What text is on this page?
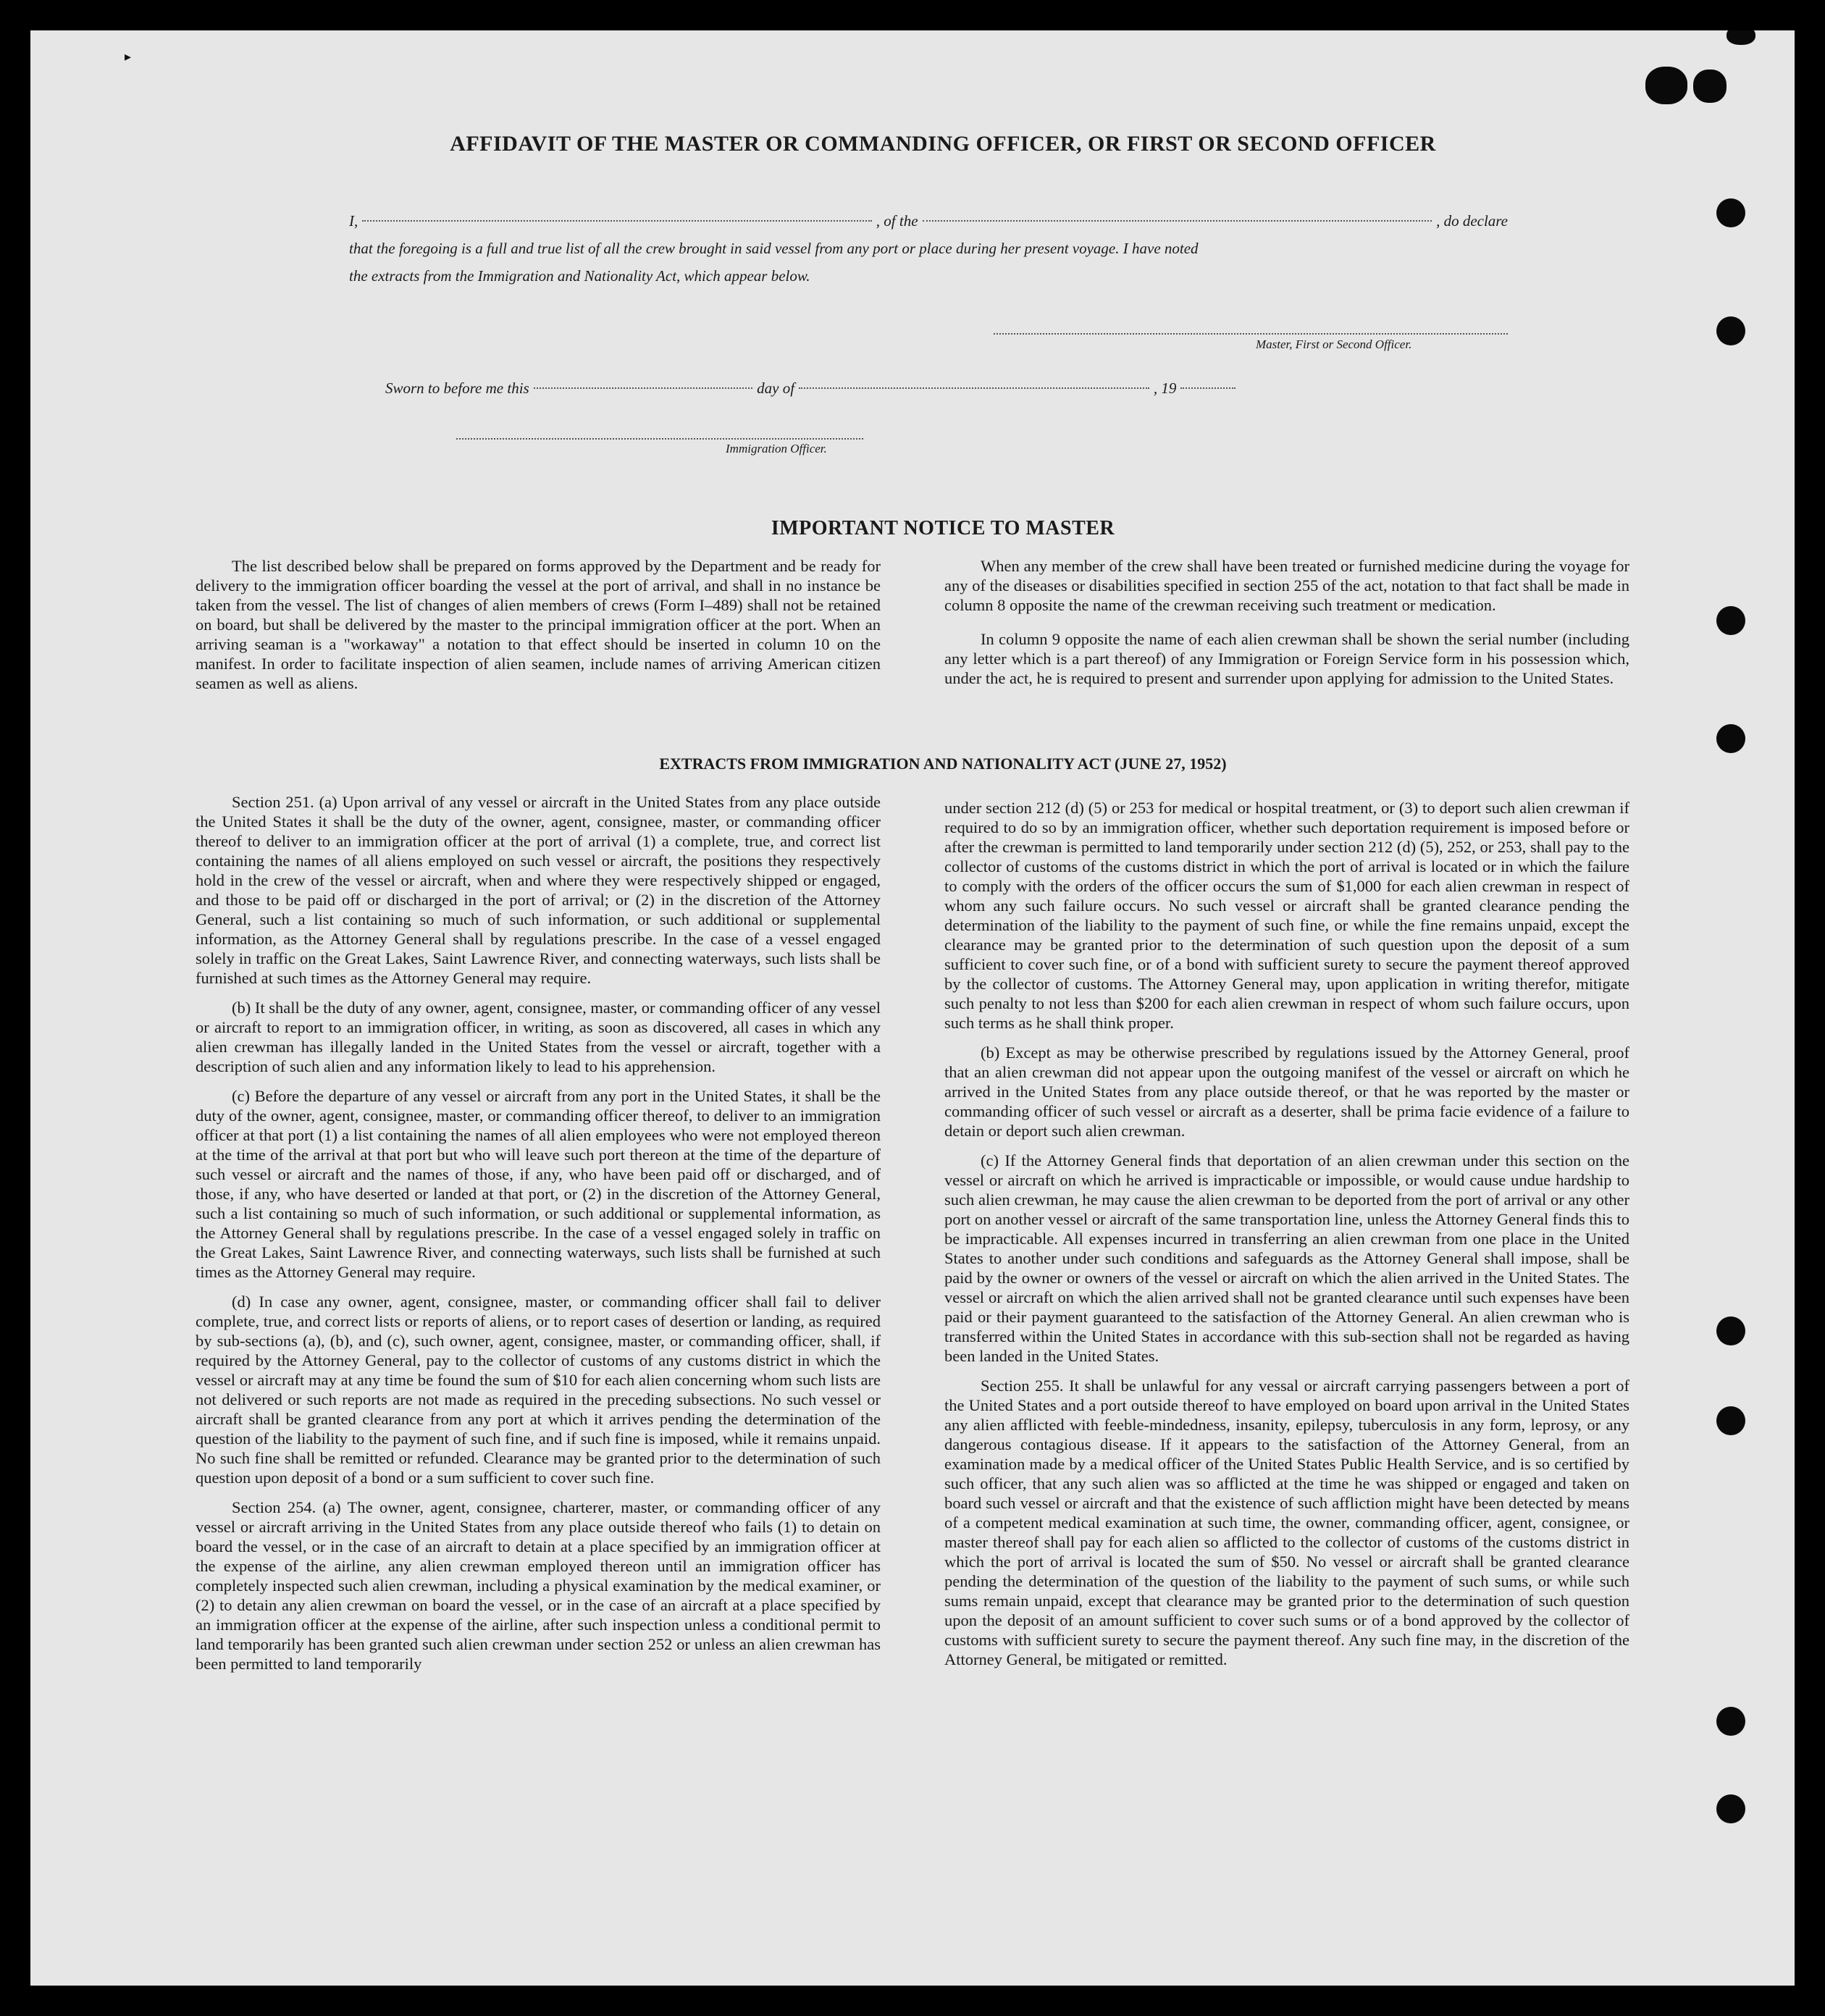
▸
AFFIDAVIT OF THE MASTER OR COMMANDING OFFICER, OR FIRST OR SECOND OFFICER
I,	, of the	, do declare
that the foregoing is a full and true list of all the crew brought in said vessel from any port or place during her present voyage. I have noted
the extracts from the Immigration and Nationality Act, which appear below.
Master, First or Second Officer.
Sworn to before me this	day of	, 19
Immigration Officer.
IMPORTANT NOTICE TO MASTER

The list described below shall be prepared on forms approved by the Department and be ready for delivery to the immigration officer boarding the vessel at the port of arrival, and shall in no instance be taken from the vessel. The list of changes of alien members of crews (Form I–489) shall not be retained on board, but shall be delivered by the master to the principal immigration officer at the port. When an arriving seaman is a "workaway" a notation to that effect should be inserted in column 10 on the manifest. In order to facilitate inspection of alien seamen, include names of arriving American citizen seamen as well as aliens.

When any member of the crew shall have been treated or furnished medicine during the voyage for any of the diseases or disabilities specified in section 255 of the act, notation to that fact shall be made in column 8 opposite the name of the crewman receiving such treatment or medication.

In column 9 opposite the name of each alien crewman shall be shown the serial number (including any letter which is a part thereof) of any Immigration or Foreign Service form in his possession which, under the act, he is required to present and surrender upon applying for admission to the United States.

EXTRACTS FROM IMMIGRATION AND NATIONALITY ACT (JUNE 27, 1952)

Section 251. (a) Upon arrival of any vessel or aircraft in the United States from any place outside the United States it shall be the duty of the owner, agent, consignee, master, or commanding officer thereof to deliver to an immigration officer at the port of arrival (1) a complete, true, and correct list containing the names of all aliens employed on such vessel or aircraft, the positions they respectively hold in the crew of the vessel or aircraft, when and where they were respectively shipped or engaged, and those to be paid off or discharged in the port of arrival; or (2) in the discretion of the Attorney General, such a list containing so much of such information, or such additional or supplemental information, as the Attorney General shall by regulations prescribe. In the case of a vessel engaged solely in traffic on the Great Lakes, Saint Lawrence River, and connecting waterways, such lists shall be furnished at such times as the Attorney General may require.

(b) It shall be the duty of any owner, agent, consignee, master, or commanding officer of any vessel or aircraft to report to an immigration officer, in writing, as soon as discovered, all cases in which any alien crewman has illegally landed in the United States from the vessel or aircraft, together with a description of such alien and any information likely to lead to his apprehension.

(c) Before the departure of any vessel or aircraft from any port in the United States, it shall be the duty of the owner, agent, consignee, master, or commanding officer thereof, to deliver to an immigration officer at that port (1) a list containing the names of all alien employees who were not employed thereon at the time of the arrival at that port but who will leave such port thereon at the time of the departure of such vessel or aircraft and the names of those, if any, who have been paid off or discharged, and of those, if any, who have deserted or landed at that port, or (2) in the discretion of the Attorney General, such a list containing so much of such information, or such additional or supplemental information, as the Attorney General shall by regulations prescribe. In the case of a vessel engaged solely in traffic on the Great Lakes, Saint Lawrence River, and connecting waterways, such lists shall be furnished at such times as the Attorney General may require.

(d) In case any owner, agent, consignee, master, or commanding officer shall fail to deliver complete, true, and correct lists or reports of aliens, or to report cases of desertion or landing, as required by sub-sections (a), (b), and (c), such owner, agent, consignee, master, or commanding officer, shall, if required by the Attorney General, pay to the collector of customs of any customs district in which the vessel or aircraft may at any time be found the sum of $10 for each alien concerning whom such lists are not delivered or such reports are not made as required in the preceding subsections. No such vessel or aircraft shall be granted clearance from any port at which it arrives pending the determination of the question of the liability to the payment of such fine, and if such fine is imposed, while it remains unpaid. No such fine shall be remitted or refunded. Clearance may be granted prior to the determination of such question upon deposit of a bond or a sum sufficient to cover such fine.

Section 254. (a) The owner, agent, consignee, charterer, master, or commanding officer of any vessel or aircraft arriving in the United States from any place outside thereof who fails (1) to detain on board the vessel, or in the case of an aircraft to detain at a place specified by an immigration officer at the expense of the airline, any alien crewman employed thereon until an immigration officer has completely inspected such alien crewman, including a physical examination by the medical examiner, or (2) to detain any alien crewman on board the vessel, or in the case of an aircraft at a place specified by an immigration officer at the expense of the airline, after such inspection unless a conditional permit to land temporarily has been granted such alien crewman under section 252 or unless an alien crewman has been permitted to land temporarily

under section 212 (d) (5) or 253 for medical or hospital treatment, or (3) to deport such alien crewman if required to do so by an immigration officer, whether such deportation requirement is imposed before or after the crewman is permitted to land temporarily under section 212 (d) (5), 252, or 253, shall pay to the collector of customs of the customs district in which the port of arrival is located or in which the failure to comply with the orders of the officer occurs the sum of $1,000 for each alien crewman in respect of whom any such failure occurs. No such vessel or aircraft shall be granted clearance pending the determination of the liability to the payment of such fine, or while the fine remains unpaid, except the clearance may be granted prior to the determination of such question upon the deposit of a sum sufficient to cover such fine, or of a bond with sufficient surety to secure the payment thereof approved by the collector of customs. The Attorney General may, upon application in writing therefor, mitigate such penalty to not less than $200 for each alien crewman in respect of whom such failure occurs, upon such terms as he shall think proper.

(b) Except as may be otherwise prescribed by regulations issued by the Attorney General, proof that an alien crewman did not appear upon the outgoing manifest of the vessel or aircraft on which he arrived in the United States from any place outside thereof, or that he was reported by the master or commanding officer of such vessel or aircraft as a deserter, shall be prima facie evidence of a failure to detain or deport such alien crewman.

(c) If the Attorney General finds that deportation of an alien crewman under this section on the vessel or aircraft on which he arrived is impracticable or impossible, or would cause undue hardship to such alien crewman, he may cause the alien crewman to be deported from the port of arrival or any other port on another vessel or aircraft of the same transportation line, unless the Attorney General finds this to be impracticable. All expenses incurred in transferring an alien crewman from one place in the United States to another under such conditions and safeguards as the Attorney General shall impose, shall be paid by the owner or owners of the vessel or aircraft on which the alien arrived in the United States. The vessel or aircraft on which the alien arrived shall not be granted clearance until such expenses have been paid or their payment guaranteed to the satisfaction of the Attorney General. An alien crewman who is transferred within the United States in accordance with this sub-section shall not be regarded as having been landed in the United States.

Section 255. It shall be unlawful for any vessal or aircraft carrying passengers between a port of the United States and a port outside thereof to have employed on board upon arrival in the United States any alien afflicted with feeble-mindedness, insanity, epilepsy, tuberculosis in any form, leprosy, or any dangerous contagious disease. If it appears to the satisfaction of the Attorney General, from an examination made by a medical officer of the United States Public Health Service, and is so certified by such officer, that any such alien was so afflicted at the time he was shipped or engaged and taken on board such vessel or aircraft and that the existence of such affliction might have been detected by means of a competent medical examination at such time, the owner, commanding officer, agent, consignee, or master thereof shall pay for each alien so afflicted to the collector of customs of the customs district in which the port of arrival is located the sum of $50. No vessel or aircraft shall be granted clearance pending the determination of the question of the liability to the payment of such sums, or while such sums remain unpaid, except that clearance may be granted prior to the determination of such question upon the deposit of an amount sufficient to cover such sums or of a bond approved by the collector of customs with sufficient surety to secure the payment thereof. Any such fine may, in the discretion of the Attorney General, be mitigated or remitted.
